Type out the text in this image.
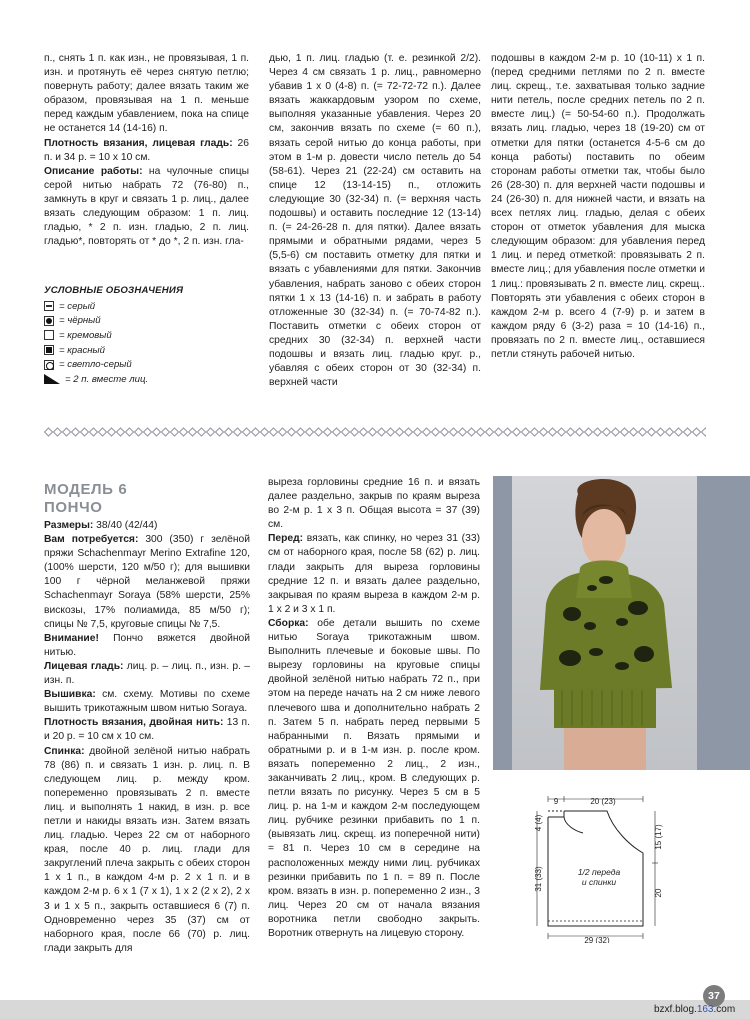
п., снять 1 п. как изн., не провязывая, 1 п. изн. и протянуть её через снятую петлю; повернуть работу; далее вязать таким же образом, провязывая на 1 п. меньше перед каждым убавлением, пока на спице не останется 14 (14-16) п.

Плотность вязания, лицевая гладь: 26 п. и 34 р. = 10 х 10 см.

Описание работы: на чулочные спицы серой нитью набрать 72 (76-80) п., замкнуть в круг и связать 1 р. лиц., далее вязать следующим образом: 1 п. лиц. гладью, * 2 п. изн. гладью, 2 п. лиц. гладью*, повторять от * до *, 2 п. изн. гла-

дью, 1 п. лиц. гладью (т. е. резинкой 2/2). Через 4 см связать 1 р. лиц., равномерно убавив 1 х 0 (4-8) п. (= 72-72-72 п.). Далее вязать жаккардовым узором по схеме, выполняя указанные убавления. Через 20 см, закончив вязать по схеме (= 60 п.), вязать серой нитью до конца работы, при этом в 1-м р. довести число петель до 54 (58-61). Через 21 (22-24) см оставить на спице 12 (13-14-15) п., отложить следующие 30 (32-34) п. (= верхняя часть подошвы) и оставить последние 12 (13-14) п. (= 24-26-28 п. для пятки). Далее вязать прямыми и обратными рядами, через 5 (5,5-6) см поставить отметку для пятки и вязать с убавлениями для пятки. Закончив убавления, набрать заново с обеих сторон пятки 1 х 13 (14-16) п. и забрать в работу отложенные 30 (32-34) п. (= 70-74-82 п.). Поставить отметки с обеих сторон от средних 30 (32-34) п. верхней части подошвы и вязать лиц. гладью круг. р., убавляя с обеих сторон от 30 (32-34) п. верхней части

подошвы в каждом 2-м р. 10 (10-11) х 1 п. (перед средними петлями по 2 п. вместе лиц. скрещ., т.е. захватывая только задние нити петель, после средних петель по 2 п. вместе лиц.) (= 50-54-60 п.). Продолжать вязать лиц. гладью, через 18 (19-20) см от отметки для пятки (останется 4-5-6 см до конца работы) поставить по обеим сторонам работы отметки так, чтобы было 26 (28-30) п. для верхней части подошвы и 24 (26-30) п. для нижней части, и вязать на всех петлях лиц. гладью, делая с обеих сторон от отметок убавления для мыска следующим образом: для убавления перед 1 лиц. и перед отметкой: провязывать 2 п. вместе лиц.; для убавления после отметки и 1 лиц.: провязывать 2 п. вместе лиц. скрещ.. Повторять эти убавления с обеих сторон в каждом 2-м р. всего 4 (7-9) р. и затем в каждом ряду 6 (3-2) раза = 10 (14-16) п., провязать по 2 п. вместе лиц., оставшиеся петли стянуть рабочей нитью.

УСЛОВНЫЕ ОБОЗНАЧЕНИЯ
= серый
= чёрный
= кремовый
= красный
= светло-серый
= 2 п. вместе лиц.
МОДЕЛЬ 6
ПОНЧО

Размеры: 38/40 (42/44)

Вам потребуется: 300 (350) г зелёной пряжи Schachenmayr Merino Extrafine 120, (100% шерсти, 120 м/50 г); для вышивки 100 г чёрной меланжевой пряжи Schachenmayr Soraya (58% шерсти, 25% вискозы, 17% полиамида, 85 м/50 г); спицы № 7,5, круговые спицы № 7,5.

Внимание! Пончо вяжется двойной нитью.

Лицевая гладь: лиц. р. – лиц. п., изн. р. – изн. п.

Вышивка: см. схему. Мотивы по схеме вышить трикотажным швом нитью Soraya.

Плотность вязания, двойная нить: 13 п. и 20 р. = 10 см х 10 см.

Спинка: двойной зелёной нитью набрать 78 (86) п. и связать 1 изн. р. лиц. п. В следующем лиц. р. между кром. попеременно провязывать 2 п. вместе лиц. и выполнять 1 накид, в изн. р. все петли и накиды вязать изн. Затем вязать лиц. гладью. Через 22 см от наборного края, после 40 р. лиц. глади для закруглений плеча закрыть с обеих сторон 1 х 1 п., в каждом 4-м р. 2 х 1 п. и в каждом 2-м р. 6 х 1 (7 х 1), 1 х 2 (2 х 2), 2 х 3 и 1 х 5 п., закрыть оставшиеся 6 (7) п. Одновременно через 35 (37) см от наборного края, после 66 (70) р. лиц. глади закрыть для

выреза горловины средние 16 п. и вязать далее раздельно, закрыв по краям выреза во 2-м р. 1 х 3 п. Общая высота = 37 (39) см.

Перед: вязать, как спинку, но через 31 (33) см от наборного края, после 58 (62) р. лиц. глади закрыть для выреза горловины средние 12 п. и вязать далее раздельно, закрывая по краям выреза в каждом 2-м р. 1 х 2 и 3 х 1 п.

Сборка: обе детали вышить по схеме нитью Soraya трикотажным швом. Выполнить плечевые и боковые швы. По вырезу горловины на круговые спицы двойной зелёной нитью набрать 72 п., при этом на переде начать на 2 см ниже левого плечевого шва и дополнительно набрать 2 п. Затем 5 п. набрать перед первыми 5 набранными п. Вязать прямыми и обратными р. и в 1-м изн. р. после кром. вязать попеременно 2 лиц., 2 изн., заканчивать 2 лиц., кром. В следующих р. петли вязать по рисунку. Через 5 см в 5 лиц. р. на 1-м и каждом 2-м последующем лиц. рубчике резинки прибавить по 1 п. (вывязать лиц. скрещ. из поперечной нити) = 81 п. Через 10 см в середине на расположенных между ними лиц. рубчиках резинки прибавить по 1 п. = 89 п. После кром. вязать в изн. р. попеременно 2 изн., 3 лиц. Через 20 см от начала вязания воротника петли свободно закрыть. Воротник отвернуть на лицевую сторону.

9	20 (23)
4 (4)
31 (33)
15 (17)
20
29 (32)
1/2 переда
и спинки
37
bzxf.blog.163.com
